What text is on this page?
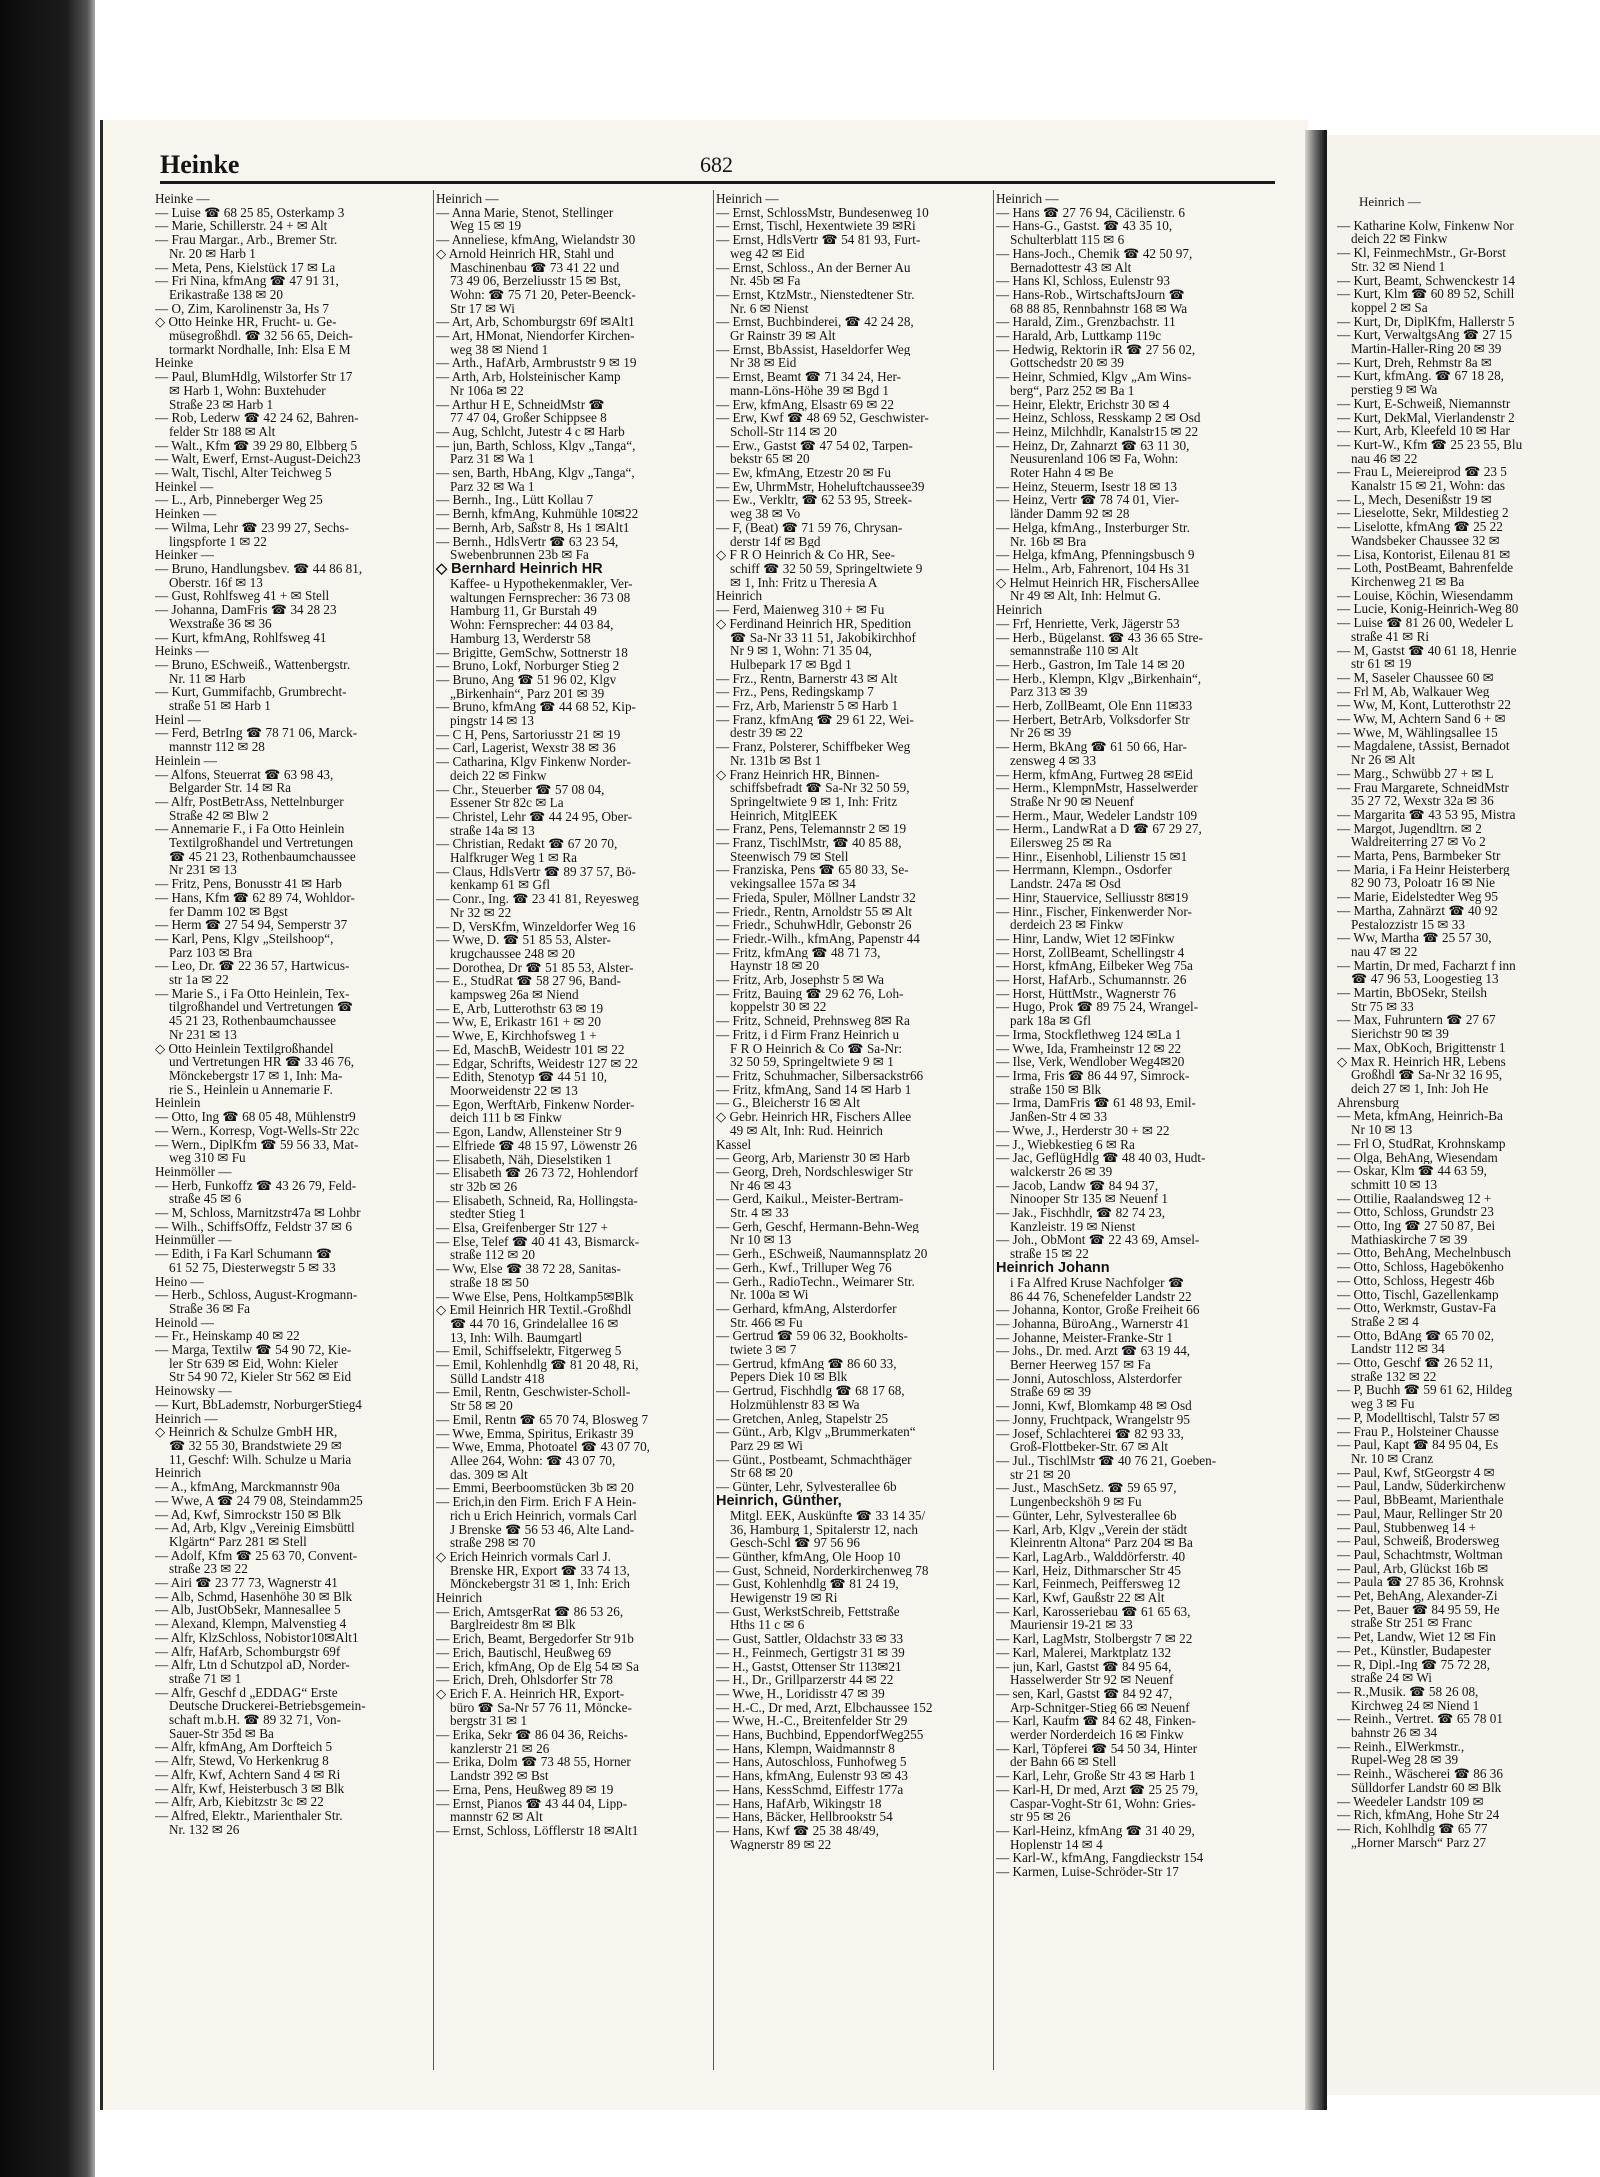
Heinrich —
— Katharine Kolw, Finkenw Nor
deich 22 ✉ Finkw
— Kl, FeinmechMstr., Gr-Borst
Str. 32 ✉ Niend 1
— Kurt, Beamt, Schwenckestr 14
— Kurt, Klm ☎ 60 89 52, Schill
koppel 2 ✉ Sa
— Kurt, Dr, DiplKfm, Hallerstr 5
— Kurt, VerwaltgsAng ☎ 27 15
Martin-Haller-Ring 20 ✉ 39
— Kurt, Dreh, Rehmstr 8a ✉
— Kurt, kfmAng. ☎ 67 18 28,
perstieg 9 ✉ Wa
— Kurt, E-Schweiß, Niemannstr
— Kurt, DekMal, Vierlandenstr 2
— Kurt, Arb, Kleefeld 10 ✉ Har
— Kurt-W., Kfm ☎ 25 23 55, Blu
nau 46 ✉ 22
— Frau L, Meiereiprod ☎ 23 5
Kanalstr 15 ✉ 21, Wohn: das
— L, Mech, Desenißstr 19 ✉
— Lieselotte, Sekr, Mildestieg 2
— Liselotte, kfmAng ☎ 25 22
Wandsbeker Chaussee 32 ✉
— Lisa, Kontorist, Eilenau 81 ✉
— Loth, PostBeamt, Bahrenfelde
Kirchenweg 21 ✉ Ba
— Louise, Köchin, Wiesendamm
— Lucie, Konig-Heinrich-Weg 80
— Luise ☎ 81 26 00, Wedeler L
straße 41 ✉ Ri
— M, Gastst ☎ 40 61 18, Henrie
str 61 ✉ 19
— M, Saseler Chaussee 60 ✉
— Frl M, Ab, Walkauer Weg
— Ww, M, Kont, Lutterothstr 22
— Ww, M, Achtern Sand 6 + ✉
— Wwe, M, Wählingsallee 15
— Magdalene, tAssist, Bernadot
Nr 26 ✉ Alt
— Marg., Schwübb 27 + ✉ L
— Frau Margarete, SchneidMstr
35 27 72, Wexstr 32a ✉ 36
— Margarita ☎ 43 53 95, Mistra
— Margot, Jugendltrn. ✉ 2
Waldreiterring 27 ✉ Vo 2
— Marta, Pens, Barmbeker Str
— Maria, i Fa Heinr Heisterberg
82 90 73, Poloatr 16 ✉ Nie
— Marie, Eidelstedter Weg 95
— Martha, Zahnärzt ☎ 40 92
Pestalozzistr 15 ✉ 33
— Ww, Martha ☎ 25 57 30,
nau 47 ✉ 22
— Martin, Dr med, Facharzt f inn
☎ 47 96 53, Loogestieg 13
— Martin, BbOSekr, Steilsh
Str 75 ✉ 33
— Max, Fuhruntern ☎ 27 67
Sierichstr 90 ✉ 39
— Max, ObKoch, Brigittenstr 1
◇ Max R. Heinrich HR, Lebens
Großhdl ☎ Sa-Nr 32 16 95,
deich 27 ✉ 1, Inh: Joh He
Ahrensburg
— Meta, kfmAng, Heinrich-Ba
Nr 10 ✉ 13
— Frl O, StudRat, Krohnskamp
— Olga, BehAng, Wiesendam
— Oskar, Klm ☎ 44 63 59,
schmitt 10 ✉ 13
— Ottilie, Raalandsweg 12 +
— Otto, Schloss, Grundstr 23
— Otto, Ing ☎ 27 50 87, Bei
Mathiaskirche 7 ✉ 39
— Otto, BehAng, Mechelnbusch
— Otto, Schloss, Hagebökenho
— Otto, Schloss, Hegestr 46b
— Otto, Tischl, Gazellenkamp
— Otto, Werkmstr, Gustav-Fa
Straße 2 ✉ 4
— Otto, BdAng ☎ 65 70 02,
Landstr 112 ✉ 34
— Otto, Geschf ☎ 26 52 11,
straße 132 ✉ 22
— P, Buchh ☎ 59 61 62, Hildeg
weg 3 ✉ Fu
— P, Modelltischl, Talstr 57 ✉
— Frau P., Holsteiner Chausse
— Paul, Kapt ☎ 84 95 04, Es
Nr. 10 ✉ Cranz
— Paul, Kwf, StGeorgstr 4 ✉
— Paul, Landw, Süderkirchenw
— Paul, BbBeamt, Marienthale
— Paul, Maur, Rellinger Str 20
— Paul, Stubbenweg 14 +
— Paul, Schweiß, Brodersweg
— Paul, Schachtmstr, Woltman
— Paul, Arb, Glückst 16b ✉
— Paula ☎ 27 85 36, Krohnsk
— Pet, BehAng, Alexander-Zi
— Pet, Bauer ☎ 84 95 59, He
straße Str 251 ✉ Franc
— Pet, Landw, Wiet 12 ✉ Fin
— Pet., Künstler, Budapester
— R, Dipl.-Ing ☎ 75 72 28,
straße 24 ✉ Wi
— R.,Musik. ☎ 58 26 08,
Kirchweg 24 ✉ Niend 1
— Reinh., Vertret. ☎ 65 78 01
bahnstr 26 ✉ 34
— Reinh., ElWerkmstr.,
Rupel-Weg 28 ✉ 39
— Reinh., Wäscherei ☎ 86 36
Sülldorfer Landstr 60 ✉ Blk
— Weedeler Landstr 109 ✉
— Rich, kfmAng, Hohe Str 24
— Rich, Kohlhdlg ☎ 65 77
„Horner Marsch“ Parz 27
Heinke	682
Heinke —
— Luise ☎ 68 25 85, Osterkamp 3
— Marie, Schillerstr. 24 + ✉ Alt
— Frau Margar., Arb., Bremer Str.
Nr. 20 ✉ Harb 1
— Meta, Pens, Kielstück 17 ✉ La
— Fri Nina, kfmAng ☎ 47 91 31,
Erikastraße 138 ✉ 20
— O, Zim, Karolinenstr 3a, Hs 7
◇ Otto Heinke HR, Frucht- u. Ge-
müsegroßhdl. ☎ 32 56 65, Deich-
tormarkt Nordhalle, Inh: Elsa E M
Heinke
— Paul, BlumHdlg, Wilstorfer Str 17
✉ Harb 1, Wohn: Buxtehuder
Straße 23 ✉ Harb 1
— Rob, Lederw ☎ 42 24 62, Bahren-
felder Str 188 ✉ Alt
— Walt., Kfm ☎ 39 29 80, Elbberg 5
— Walt, Ewerf, Ernst-August-Deich23
— Walt, Tischl, Alter Teichweg 5
Heinkel —
— L., Arb, Pinneberger Weg 25
Heinken —
— Wilma, Lehr ☎ 23 99 27, Sechs-
lingspforte 1 ✉ 22
Heinker —
— Bruno, Handlungsbev. ☎ 44 86 81,
Oberstr. 16f ✉ 13
— Gust, Rohlfsweg 41 + ✉ Stell
— Johanna, DamFris ☎ 34 28 23
Wexstraße 36 ✉ 36
— Kurt, kfmAng, Rohlfsweg 41
Heinks —
— Bruno, ESchweiß., Wattenbergstr.
Nr. 11 ✉ Harb
— Kurt, Gummifachb, Grumbrecht-
straße 51 ✉ Harb 1
Heinl —
— Ferd, BetrIng ☎ 78 71 06, Marck-
mannstr 112 ✉ 28
Heinlein —
— Alfons, Steuerrat ☎ 63 98 43,
Belgarder Str. 14 ✉ Ra
— Alfr, PostBetrAss, Nettelnburger
Straße 42 ✉ Blw 2
— Annemarie F., i Fa Otto Heinlein
Textilgroßhandel und Vertretungen
☎ 45 21 23, Rothenbaumchaussee
Nr 231 ✉ 13
— Fritz, Pens, Bonusstr 41 ✉ Harb
— Hans, Kfm ☎ 62 89 74, Wohldor-
fer Damm 102 ✉ Bgst
— Herm ☎ 27 54 94, Semperstr 37
— Karl, Pens, Klgv „Steilshoop“,
Parz 103 ✉ Bra
— Leo, Dr. ☎ 22 36 57, Hartwicus-
str 1a ✉ 22
— Marie S., i Fa Otto Heinlein, Tex-
tilgroßhandel und Vertretungen ☎
45 21 23, Rothenbaumchaussee
Nr 231 ✉ 13
◇ Otto Heinlein Textilgroßhandel
und Vertretungen HR ☎ 33 46 76,
Mönckebergstr 17 ✉ 1, Inh: Ma-
rie S., Heinlein u Annemarie F.
Heinlein
— Otto, Ing ☎ 68 05 48, Mühlenstr9
— Wern., Korresp, Vogt-Wells-Str 22c
— Wern., DiplKfm ☎ 59 56 33, Mat-
weg 310 ✉ Fu
Heinmöller —
— Herb, Funkoffz ☎ 43 26 79, Feld-
straße 45 ✉ 6
— M, Schloss, Marnitzstr47a ✉ Lohbr
— Wilh., SchiffsOffz, Feldstr 37 ✉ 6
Heinmüller —
— Edith, i Fa Karl Schumann ☎
61 52 75, Diesterwegstr 5 ✉ 33
Heino —
— Herb., Schloss, August-Krogmann-
Straße 36 ✉ Fa
Heinold —
— Fr., Heinskamp 40 ✉ 22
— Marga, Textilw ☎ 54 90 72, Kie-
ler Str 639 ✉ Eid, Wohn: Kieler
Str 54 90 72, Kieler Str 562 ✉ Eid
Heinowsky —
— Kurt, BbLademstr, NorburgerStieg4
Heinrich —
◇ Heinrich & Schulze GmbH HR,
☎ 32 55 30, Brandstwiete 29 ✉
11, Geschf: Wilh. Schulze u Maria
Heinrich
— A., kfmAng, Marckmannstr 90a
— Wwe, A ☎ 24 79 08, Steindamm25
— Ad, Kwf, Simrockstr 150 ✉ Blk
— Ad, Arb, Klgv „Vereinig Eimsbüttl
Klgärtn“ Parz 281 ✉ Stell
— Adolf, Kfm ☎ 25 63 70, Convent-
straße 23 ✉ 22
— Airi ☎ 23 77 73, Wagnerstr 41
— Alb, Schmd, Hasenhöhe 30 ✉ Blk
— Alb, JustObSekr, Mannesallee 5
— Alexand, Klempn, Malvenstieg 4
— Alfr, KlzSchloss, Nobistor10✉Alt1
— Alfr, HafArb, Schomburgstr 69f
— Alfr, Ltn d Schutzpol aD, Norder-
straße 71 ✉ 1
— Alfr, Geschf d „EDDAG“ Erste
Deutsche Druckerei-Betriebsgemein-
schaft m.b.H. ☎ 89 32 71, Von-
Sauer-Str 35d ✉ Ba
— Alfr, kfmAng, Am Dorfteich 5
— Alfr, Stewd, Vo Herkenkrug 8
— Alfr, Kwf, Achtern Sand 4 ✉ Ri
— Alfr, Kwf, Heisterbusch 3 ✉ Blk
— Alfr, Arb, Kiebitzstr 3c ✉ 22
— Alfred, Elektr., Marienthaler Str.
Nr. 132 ✉ 26
Heinrich —
— Anna Marie, Stenot, Stellinger
Weg 15 ✉ 19
— Anneliese, kfmAng, Wielandstr 30
◇ Arnold Heinrich HR, Stahl und
Maschinenbau ☎ 73 41 22 und
73 49 06, Berzeliusstr 15 ✉ Bst,
Wohn: ☎ 75 71 20, Peter-Beenck-
Str 17 ✉ Wi
— Art, Arb, Schomburgstr 69f ✉Alt1
— Art, HMonat, Niendorfer Kirchen-
weg 38 ✉ Niend 1
— Arth., HafArb, Armbruststr 9 ✉ 19
— Arth, Arb, Holsteinischer Kamp
Nr 106a ✉ 22
— Arthur H E, SchneidMstr ☎
77 47 04, Großer Schippsee 8
— Aug, Schlcht, Jutestr 4 c ✉ Harb
— jun, Barth, Schloss, Klgv „Tanga“,
Parz 31 ✉ Wa 1
— sen, Barth, HbAng, Klgv „Tanga“,
Parz 32 ✉ Wa 1
— Bernh., Ing., Lütt Kollau 7
— Bernh, kfmAng, Kuhmühle 10✉22
— Bernh, Arb, Saßstr 8, Hs 1 ✉Alt1
— Bernh., HdlsVertr ☎ 63 23 54,
Swebenbrunnen 23b ✉ Fa
◇ Bernhard Heinrich HR
Kaffee- u Hypothekenmakler, Ver-
waltungen Fernsprecher: 36 73 08
Hamburg 11, Gr Burstah 49
Wohn: Fernsprecher: 44 03 84,
Hamburg 13, Werderstr 58
— Brigitte, GemSchw, Sottnerstr 18
— Bruno, Lokf, Norburger Stieg 2
— Bruno, Ang ☎ 51 96 02, Klgv
„Birkenhain“, Parz 201 ✉ 39
— Bruno, kfmAng ☎ 44 68 52, Kip-
pingstr 14 ✉ 13
— C H, Pens, Sartoriusstr 21 ✉ 19
— Carl, Lagerist, Wexstr 38 ✉ 36
— Catharina, Klgv Finkenw Norder-
deich 22 ✉ Finkw
— Chr., Steuerber ☎ 57 08 04,
Essener Str 82c ✉ La
— Christel, Lehr ☎ 44 24 95, Ober-
straße 14a ✉ 13
— Christian, Redakt ☎ 67 20 70,
Halfkruger Weg 1 ✉ Ra
— Claus, HdlsVertr ☎ 89 37 57, Bö-
kenkamp 61 ✉ Gfl
— Conr., Ing. ☎ 23 41 81, Reyesweg
Nr 32 ✉ 22
— D, VersKfm, Winzeldorfer Weg 16
— Wwe, D. ☎ 51 85 53, Alster-
krugchaussee 248 ✉ 20
— Dorothea, Dr ☎ 51 85 53, Alster-
— E., StudRat ☎ 58 27 96, Band-
kampsweg 26a ✉ Niend
— E, Arb, Lutterothstr 63 ✉ 19
— Ww, E, Erikastr 161 + ✉ 20
— Wwe, E, Kirchhofsweg 1 +
— Ed, MaschB, Weidestr 101 ✉ 22
— Edgar, Schrifts, Weidestr 127 ✉ 22
— Edith, Stenotyp ☎ 44 51 10,
Moorweidenstr 22 ✉ 13
— Egon, WerftArb, Finkenw Norder-
deich 111 b ✉ Finkw
— Egon, Landw, Allensteiner Str 9
— Elfriede ☎ 48 15 97, Löwenstr 26
— Elisabeth, Näh, Dieselstiken 1
— Elisabeth ☎ 26 73 72, Hohlendorf
str 32b ✉ 26
— Elisabeth, Schneid, Ra, Hollingsta-
stedter Stieg 1
— Elsa, Greifenberger Str 127 +
— Else, Telef ☎ 40 41 43, Bismarck-
straße 112 ✉ 20
— Ww, Else ☎ 38 72 28, Sanitas-
straße 18 ✉ 50
— Wwe Else, Pens, Holtkamp5✉Blk
◇ Emil Heinrich HR Textil.-Großhdl
☎ 44 70 16, Grindelallee 16 ✉
13, Inh: Wilh. Baumgartl
— Emil, Schiffselektr, Fitgerweg 5
— Emil, Kohlenhdlg ☎ 81 20 48, Ri,
Sülld Landstr 418
— Emil, Rentn, Geschwister-Scholl-
Str 58 ✉ 20
— Emil, Rentn ☎ 65 70 74, Blosweg 7
— Wwe, Emma, Spiritus, Erikastr 39
— Wwe, Emma, Photoatel ☎ 43 07 70,
Allee 264, Wohn: ☎ 43 07 70,
das. 309 ✉ Alt
— Emmi, Beerboomstücken 3b ✉ 20
— Erich,in den Firm. Erich F A Hein-
rich u Erich Heinrich, vormals Carl
J Brenske ☎ 56 53 46, Alte Land-
straße 298 ✉ 70
◇ Erich Heinrich vormals Carl J.
Brenske HR, Export ☎ 33 74 13,
Mönckebergstr 31 ✉ 1, Inh: Erich
Heinrich
— Erich, AmtsgerRat ☎ 86 53 26,
Barglreidestr 8m ✉ Blk
— Erich, Beamt, Bergedorfer Str 91b
— Erich, Bautischl, Heußweg 69
— Erich, kfmAng, Op de Elg 54 ✉ Sa
— Erich, Dreh, Ohlsdorfer Str 78
◇ Erich F. A. Heinrich HR, Export-
büro ☎ Sa-Nr 57 76 11, Möncke-
bergstr 31 ✉ 1
— Erika, Sekr ☎ 86 04 36, Reichs-
kanzlerstr 21 ✉ 26
— Erika, Dolm ☎ 73 48 55, Horner
Landstr 392 ✉ Bst
— Erna, Pens, Heußweg 89 ✉ 19
— Ernst, Pianos ☎ 43 44 04, Lipp-
mannstr 62 ✉ Alt
— Ernst, Schloss, Löfflerstr 18 ✉Alt1
Heinrich —
— Ernst, SchlossMstr, Bundesenweg 10
— Ernst, Tischl, Hexentwiete 39 ✉Ri
— Ernst, HdlsVertr ☎ 54 81 93, Furt-
weg 42 ✉ Eid
— Ernst, Schloss., An der Berner Au
Nr. 45b ✉ Fa
— Ernst, KtzMstr., Nienstedtener Str.
Nr. 6 ✉ Nienst
— Ernst, Buchbinderei, ☎ 42 24 28,
Gr Rainstr 39 ✉ Alt
— Ernst, BbAssist, Haseldorfer Weg
Nr 38 ✉ Eid
— Ernst, Beamt ☎ 71 34 24, Her-
mann-Löns-Höhe 39 ✉ Bgd 1
— Erw, kfmAng, Elsastr 69 ✉ 22
— Erw, Kwf ☎ 48 69 52, Geschwister-
Scholl-Str 114 ✉ 20
— Erw., Gastst ☎ 47 54 02, Tarpen-
bekstr 65 ✉ 20
— Ew, kfmAng, Etzestr 20 ✉ Fu
— Ew, UhrmMstr, Hoheluftchaussee39
— Ew., Verkltr, ☎ 62 53 95, Streek-
weg 38 ✉ Vo
— F, (Beat) ☎ 71 59 76, Chrysan-
derstr 14f ✉ Bgd
◇ F R O Heinrich & Co HR, See-
schiff ☎ 32 50 59, Springeltwiete 9
✉ 1, Inh: Fritz u Theresia A
Heinrich
— Ferd, Maienweg 310 + ✉ Fu
◇ Ferdinand Heinrich HR, Spedition
☎ Sa-Nr 33 11 51, Jakobikirchhof
Nr 9 ✉ 1, Wohn: 71 35 04,
Hulbepark 17 ✉ Bgd 1
— Frz., Rentn, Barnerstr 43 ✉ Alt
— Frz., Pens, Redingskamp 7
— Frz, Arb, Marienstr 5 ✉ Harb 1
— Franz, kfmAng ☎ 29 61 22, Wei-
destr 39 ✉ 22
— Franz, Polsterer, Schiffbeker Weg
Nr. 131b ✉ Bst 1
◇ Franz Heinrich HR, Binnen-
schiffsbefradt ☎ Sa-Nr 32 50 59,
Springeltwiete 9 ✉ 1, Inh: Fritz
Heinrich, MitglEEK
— Franz, Pens, Telemannstr 2 ✉ 19
— Franz, TischlMstr, ☎ 40 85 88,
Steenwisch 79 ✉ Stell
— Franziska, Pens ☎ 65 80 33, Se-
vekingsallee 157a ✉ 34
— Frieda, Spuler, Möllner Landstr 32
— Friedr., Rentn, Arnoldstr 55 ✉ Alt
— Friedr., SchuhwHdlr, Gebonstr 26
— Friedr.-Wilh., kfmAng, Papenstr 44
— Fritz, kfmAng ☎ 48 71 73,
Haynstr 18 ✉ 20
— Fritz, Arb, Josephstr 5 ✉ Wa
— Fritz, Bauing ☎ 29 62 76, Loh-
koppelstr 30 ✉ 22
— Fritz, Schneid, Prehnsweg 8✉ Ra
— Fritz, i d Firm Franz Heinrich u
F R O Heinrich & Co ☎ Sa-Nr:
32 50 59, Springeltwiete 9 ✉ 1
— Fritz, Schuhmacher, Silbersackstr66
— Fritz, kfmAng, Sand 14 ✉ Harb 1
— G., Bleicherstr 16 ✉ Alt
◇ Gebr. Heinrich HR, Fischers Allee
49 ✉ Alt, Inh: Rud. Heinrich
Kassel
— Georg, Arb, Marienstr 30 ✉ Harb
— Georg, Dreh, Nordschleswiger Str
Nr 46 ✉ 43
— Gerd, Kaikul., Meister-Bertram-
Str. 4 ✉ 33
— Gerh, Geschf, Hermann-Behn-Weg
Nr 10 ✉ 13
— Gerh., ESchweiß, Naumannsplatz 20
— Gerh., Kwf., Trilluper Weg 76
— Gerh., RadioTechn., Weimarer Str.
Nr. 100a ✉ Wi
— Gerhard, kfmAng, Alsterdorfer
Str. 466 ✉ Fu
— Gertrud ☎ 59 06 32, Bookholts-
twiete 3 ✉ 7
— Gertrud, kfmAng ☎ 86 60 33,
Pepers Diek 10 ✉ Blk
— Gertrud, Fischhdlg ☎ 68 17 68,
Holzmühlenstr 83 ✉ Wa
— Gretchen, Anleg, Stapelstr 25
— Günt., Arb, Klgv „Brummerkaten“
Parz 29 ✉ Wi
— Günt., Postbeamt, Schmachthäger
Str 68 ✉ 20
— Günter, Lehr, Sylvesterallee 6b
Heinrich, Günther,
Mitgl. EEK, Auskünfte ☎ 33 14 35/
36, Hamburg 1, Spitalerstr 12, nach
Gesch-Schl ☎ 97 56 96
— Günther, kfmAng, Ole Hoop 10
— Gust, Schneid, Norderkirchenweg 78
— Gust, Kohlenhdlg ☎ 81 24 19,
Hewigenstr 19 ✉ Ri
— Gust, WerkstSchreib, Fettstraße
Hths 11 c ✉ 6
— Gust, Sattler, Oldachstr 33 ✉ 33
— H., Feinmech, Gertigstr 31 ✉ 39
— H., Gastst, Ottenser Str 113✉21
— H., Dr., Grillparzerstr 44 ✉ 22
— Wwe, H., Loridisstr 47 ✉ 39
— H.-C., Dr med, Arzt, Elbchaussee 152
— Wwe, H.-C., Breitenfelder Str 29
— Hans, Buchbind, EppendorfWeg255
— Hans, Klempn, Waidmannstr 8
— Hans, Autoschloss, Funhofweg 5
— Hans, kfmAng, Eulenstr 93 ✉ 43
— Hans, KessSchmd, Eiffestr 177a
— Hans, HafArb, Wikingstr 18
— Hans, Bäcker, Hellbrookstr 54
— Hans, Kwf ☎ 25 38 48/49,
Wagnerstr 89 ✉ 22
Heinrich —
— Hans ☎ 27 76 94, Cäcilienstr. 6
— Hans-G., Gastst. ☎ 43 35 10,
Schulterblatt 115 ✉ 6
— Hans-Joch., Chemik ☎ 42 50 97,
Bernadottestr 43 ✉ Alt
— Hans Kl, Schloss, Eulenstr 93
— Hans-Rob., WirtschaftsJourn ☎
68 88 85, Rennbahnstr 168 ✉ Wa
— Harald, Zim., Grenzbachstr. 11
— Harald, Arb, Luttkamp 119c
— Hedwig, Rektorin iR ☎ 27 56 02,
Gottschedstr 20 ✉ 39
— Heinr, Schmied, Klgv „Am Wins-
berg“, Parz 252 ✉ Ba 1
— Heinr, Elektr, Erichstr 30 ✉ 4
— Heinz, Schloss, Resskamp 2 ✉ Osd
— Heinz, Milchhdlr, Kanalstr15 ✉ 22
— Heinz, Dr, Zahnarzt ☎ 63 11 30,
Neusurenland 106 ✉ Fa, Wohn:
Roter Hahn 4 ✉ Be
— Heinz, Steuerm, Isestr 18 ✉ 13
— Heinz, Vertr ☎ 78 74 01, Vier-
länder Damm 92 ✉ 28
— Helga, kfmAng., Insterburger Str.
Nr. 16b ✉ Bra
— Helga, kfmAng, Pfenningsbusch 9
— Helm., Arb, Fahrenort, 104 Hs 31
◇ Helmut Heinrich HR, FischersAllee
Nr 49 ✉ Alt, Inh: Helmut G.
Heinrich
— Frf, Henriette, Verk, Jägerstr 53
— Herb., Bügelanst. ☎ 43 36 65 Stre-
semannstraße 110 ✉ Alt
— Herb., Gastron, Im Tale 14 ✉ 20
— Herb., Klempn, Klgv „Birkenhain“,
Parz 313 ✉ 39
— Herb, ZollBeamt, Ole Enn 11✉33
— Herbert, BetrArb, Volksdorfer Str
Nr 26 ✉ 39
— Herm, BkAng ☎ 61 50 66, Har-
zensweg 4 ✉ 33
— Herm, kfmAng, Furtweg 28 ✉Eid
— Herm., KlempnMstr, Hasselwerder
Straße Nr 90 ✉ Neuenf
— Herm., Maur, Wedeler Landstr 109
— Herm., LandwRat a D ☎ 67 29 27,
Eilersweg 25 ✉ Ra
— Hinr., Eisenhobl, Lilienstr 15 ✉1
— Herrmann, Klempn., Osdorfer
Landstr. 247a ✉ Osd
— Hinr, Stauervice, Selliusstr 8✉19
— Hinr., Fischer, Finkenwerder Nor-
derdeich 23 ✉ Finkw
— Hinr, Landw, Wiet 12 ✉Finkw
— Horst, ZollBeamt, Schellingstr 4
— Horst, kfmAng, Eilbeker Weg 75a
— Horst, HafArb., Schumannstr. 26
— Horst, HüttMstr., Wagnerstr 76
— Hugo, Prok ☎ 89 75 24, Wrangel-
park 18a ✉ Gfl
— Irma, Stockflethweg 124 ✉La 1
— Wwe, Ida, Framheinstr 12 ✉ 22
— Ilse, Verk, Wendlober Weg4✉20
— Irma, Fris ☎ 86 44 97, Simrock-
straße 150 ✉ Blk
— Irma, DamFris ☎ 61 48 93, Emil-
Janßen-Str 4 ✉ 33
— Wwe, J., Herderstr 30 + ✉ 22
— J., Wiebkestieg 6 ✉ Ra
— Jac, GeflügHdlg ☎ 48 40 03, Hudt-
walckerstr 26 ✉ 39
— Jacob, Landw ☎ 84 94 37,
Ninooper Str 135 ✉ Neuenf 1
— Jak., Fischhdlr, ☎ 82 74 23,
Kanzleistr. 19 ✉ Nienst
— Joh., ObMont ☎ 22 43 69, Amsel-
straße 15 ✉ 22
Heinrich Johann
i Fa Alfred Kruse Nachfolger ☎
86 44 76, Schenefelder Landstr 22
— Johanna, Kontor, Große Freiheit 66
— Johanna, BüroAng., Warnerstr 41
— Johanne, Meister-Franke-Str 1
— Johs., Dr. med. Arzt ☎ 63 19 44,
Berner Heerweg 157 ✉ Fa
— Jonni, Autoschloss, Alsterdorfer
Straße 69 ✉ 39
— Jonni, Kwf, Blomkamp 48 ✉ Osd
— Jonny, Fruchtpack, Wrangelstr 95
— Josef, Schlachterei ☎ 82 93 33,
Groß-Flottbeker-Str. 67 ✉ Alt
— Jul., TischlMstr ☎ 40 76 21, Goeben-
str 21 ✉ 20
— Just., MaschSetz. ☎ 59 65 97,
Lungenbeckshöh 9 ✉ Fu
— Günter, Lehr, Sylvesterallee 6b
— Karl, Arb, Klgv „Verein der städt
Kleinrentn Altona“ Parz 204 ✉ Ba
— Karl, LagArb., Walddörferstr. 40
— Karl, Heiz, Dithmarscher Str 45
— Karl, Feinmech, Peiffersweg 12
— Karl, Kwf, Gaußstr 22 ✉ Alt
— Karl, Karosseriebau ☎ 61 65 63,
Mauriensir 19-21 ✉ 33
— Karl, LagMstr, Stolbergstr 7 ✉ 22
— Karl, Malerei, Marktplatz 132
— jun, Karl, Gastst ☎ 84 95 64,
Hasselwerder Str 92 ✉ Neuenf
— sen, Karl, Gastst ☎ 84 92 47,
Arp-Schnitger-Stieg 66 ✉ Neuenf
— Karl, Kaufm ☎ 84 62 48, Finken-
werder Norderdeich 16 ✉ Finkw
— Karl, Töpferei ☎ 54 50 34, Hinter
der Bahn 66 ✉ Stell
— Karl, Lehr, Große Str 43 ✉ Harb 1
— Karl-H, Dr med, Arzt ☎ 25 25 79,
Caspar-Voght-Str 61, Wohn: Gries-
str 95 ✉ 26
— Karl-Heinz, kfmAng ☎ 31 40 29,
Hoplenstr 14 ✉ 4
— Karl-W., kfmAng, Fangdieckstr 154
— Karmen, Luise-Schröder-Str 17
